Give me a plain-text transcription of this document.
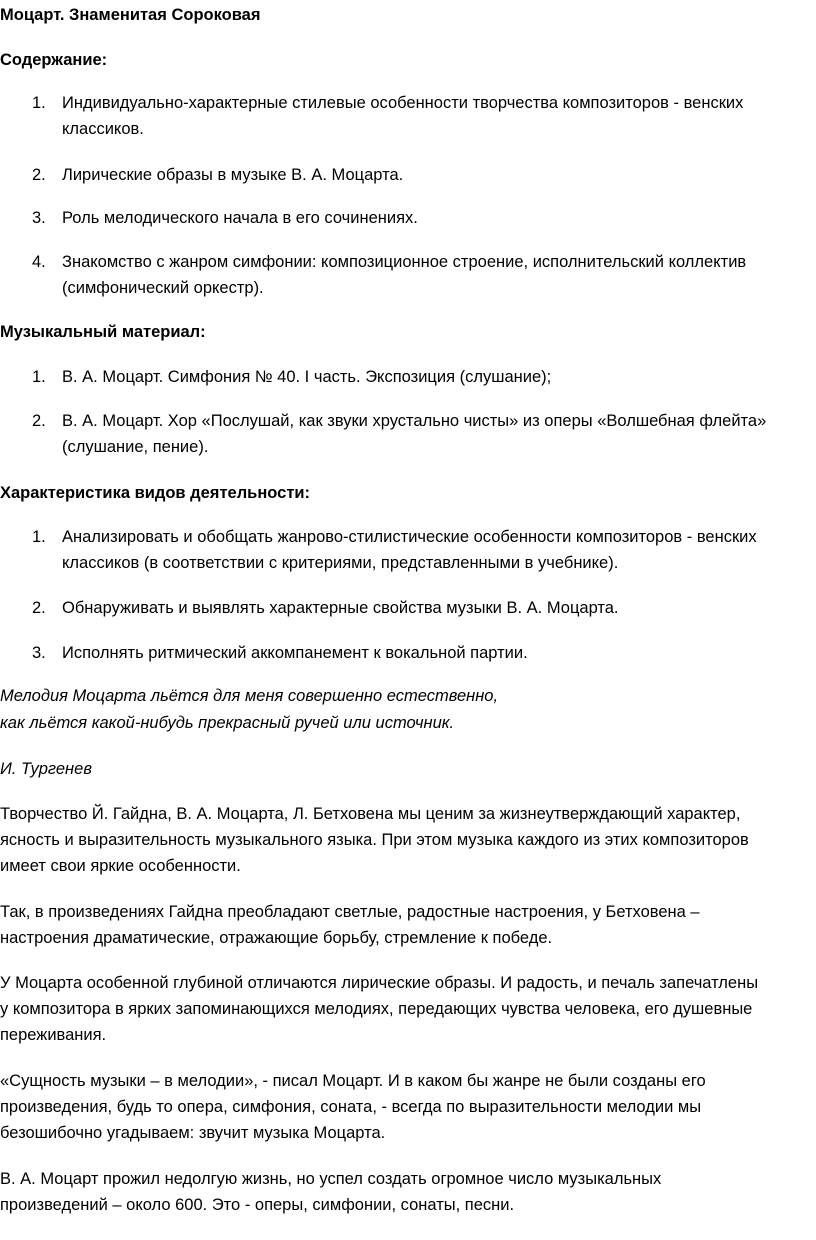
Моцарт. Знаменитая Сороковая
Содержание:
1. Индивидуально-характерные стилевые особенности творчества композиторов - венских
классиков.
2. Лирические образы в музыке В. А. Моцарта.
3. Роль мелодического начала в его сочинениях.
4. Знакомство с жанром симфонии: композиционное строение, исполнительский коллектив
(симфонический оркестр).
Музыкальный материал:
1. В. А. Моцарт. Симфония № 40. I часть. Экспозиция (слушание);
2. В. А. Моцарт. Хор «Послушай, как звуки хрустально чисты» из оперы «Волшебная флейта»
(слушание, пение).
Характеристика видов деятельности:
1. Анализировать и обобщать жанрово-стилистические особенности композиторов - венских
классиков (в соответствии с критериями, представленными в учебнике).
2. Обнаруживать и выявлять характерные свойства музыки В. А. Моцарта.
3. Исполнять ритмический аккомпанемент к вокальной партии.
Мелодия Моцарта льётся для меня совершенно естественно,
как льётся какой-нибудь прекрасный ручей или источник.
И. Тургенев
Творчество Й. Гайдна, В. А. Моцарта, Л. Бетховена мы ценим за жизнеутверждающий характер,
ясность и выразительность музыкального языка. При этом музыка каждого из этих композиторов
имеет свои яркие особенности.
Так, в произведениях Гайдна преобладают светлые, радостные настроения, у Бетховена –
настроения драматические, отражающие борьбу, стремление к победе.
У Моцарта особенной глубиной отличаются лирические образы. И радость, и печаль запечатлены
у композитора в ярких запоминающихся мелодиях, передающих чувства человека, его душевные
переживания.
«Сущность музыки – в мелодии», - писал Моцарт. И в каком бы жанре не были созданы его
произведения, будь то опера, симфония, соната, - всегда по выразительности мелодии мы
безошибочно угадываем: звучит музыка Моцарта.
В. А. Моцарт прожил недолгую жизнь, но успел создать огромное число музыкальных
произведений – около 600. Это - оперы, симфонии, сонаты, песни.
